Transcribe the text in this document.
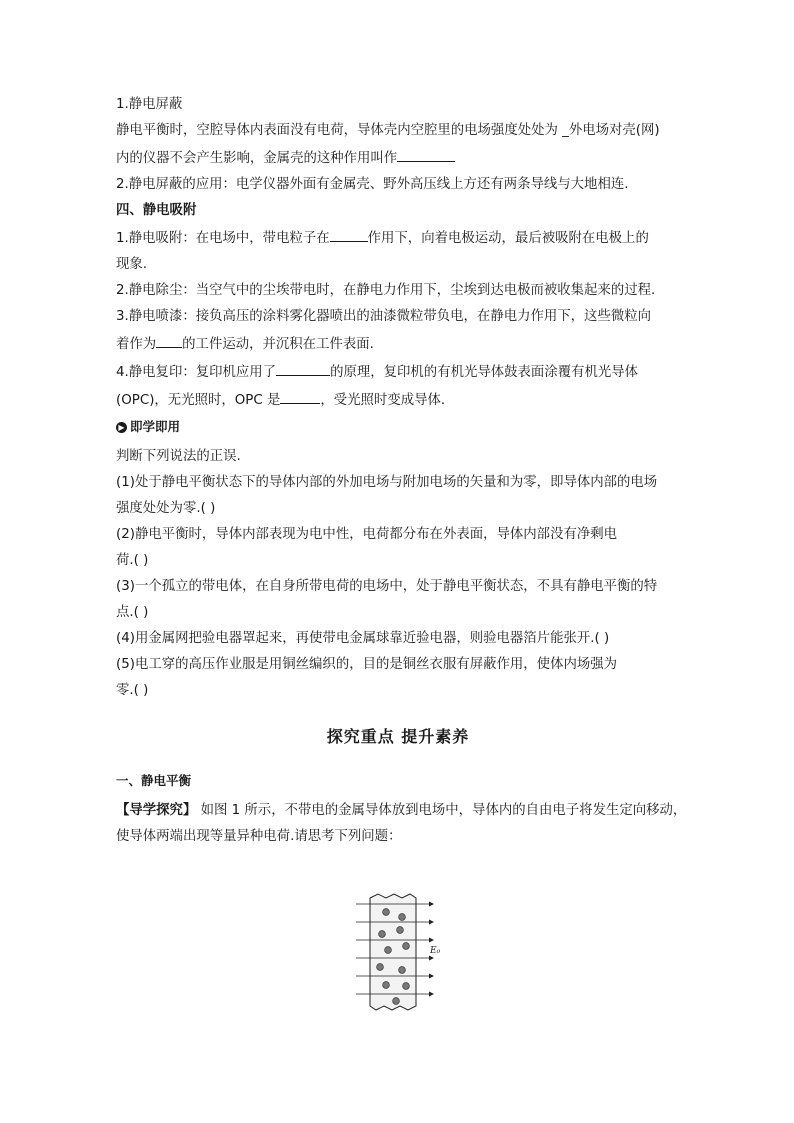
1.静电屏蔽
静电平衡时，空腔导体内表面没有电荷，导体壳内空腔里的电场强度处处为 _外电场对壳(网)
内的仪器不会产生影响，金属壳的这种作用叫作
2.静电屏蔽的应用：电学仪器外面有金属壳、野外高压线上方还有两条导线与大地相连.
四、静电吸附
1.静电吸附：在电场中，带电粒子在	作用下，向着电极运动，最后被吸附在电极上的
现象.
2.静电除尘：当空气中的尘埃带电时，在静电力作用下，尘埃到达电极而被收集起来的过程.
3.静电喷漆：接负高压的涂料雾化器喷出的油漆微粒带负电，在静电力作用下，这些微粒向
着作为 的工件运动，并沉积在工件表面.
4.静电复印：复印机应用了	的原理，复印机的有机光导体鼓表面涂覆有机光导体
(OPC)，无光照时，OPC 是	，受光照时变成导体.
▶ 即学即用
判断下列说法的正误.
(1)处于静电平衡状态下的导体内部的外加电场与附加电场的矢量和为零，即导体内部的电场
强度处处为零.( )
(2)静电平衡时，导体内部表现为电中性，电荷都分布在外表面，导体内部没有净剩电
荷.( )
(3)一个孤立的带电体，在自身所带电荷的电场中，处于静电平衡状态，不具有静电平衡的特
点.( )
(4)用金属网把验电器罩起来，再使带电金属球靠近验电器，则验电器箔片能张开.( )
(5)电工穿的高压作业服是用铜丝编织的，目的是铜丝衣服有屏蔽作用，使体内场强为
零.( )
探究重点 提升素养
一、静电平衡
【导学探究】 如图 1 所示，不带电的金属导体放到电场中，导体内的自由电子将发生定向移动，
使导体两端出现等量异种电荷.请思考下列问题：
E₀
